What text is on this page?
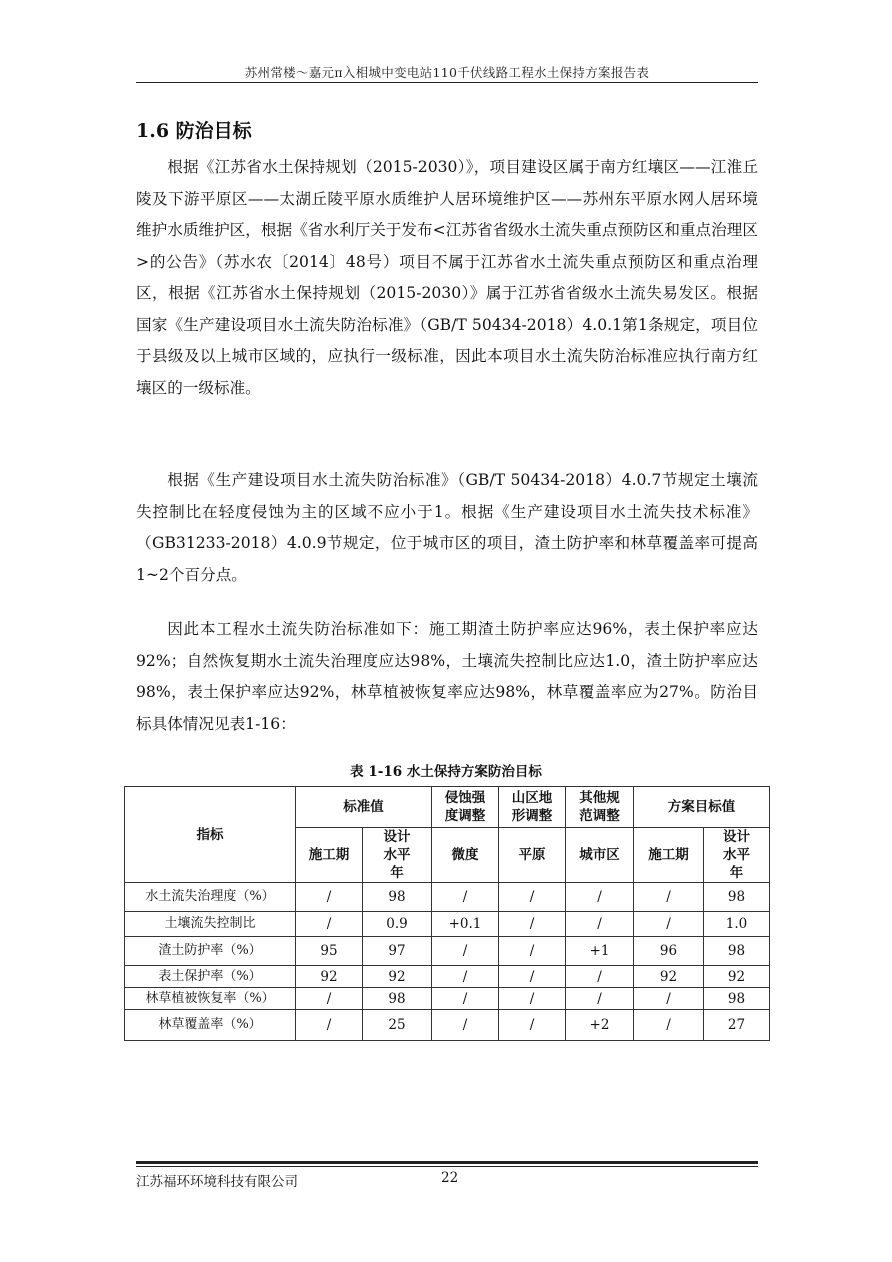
苏州常楼～嘉元π入相城中变电站110千伏线路工程水土保持方案报告表
1.6 防治目标

根据《江苏省水土保持规划（2015-2030）》，项目建设区属于南方红壤区——江淮丘陵及下游平原区——太湖丘陵平原水质维护人居环境维护区——苏州东平原水网人居环境维护水质维护区，根据《省水利厅关于发布<江苏省省级水土流失重点预防区和重点治理区>的公告》（苏水农〔2014〕48号）项目不属于江苏省水土流失重点预防区和重点治理区，根据《江苏省水土保持规划（2015-2030）》属于江苏省省级水土流失易发区。根据国家《生产建设项目水土流失防治标准》（GB/T 50434-2018）4.0.1第1条规定，项目位于县级及以上城市区域的，应执行一级标准，因此本项目水土流失防治标准应执行南方红壤区的一级标准。

根据《生产建设项目水土流失防治标准》（GB/T 50434-2018）4.0.7节规定土壤流失控制比在轻度侵蚀为主的区域不应小于1。根据《生产建设项目水土流失技术标准》（GB31233-2018）4.0.9节规定，位于城市区的项目，渣土防护率和林草覆盖率可提高1~2个百分点。

因此本工程水土流失防治标准如下：施工期渣土防护率应达96%，表土保护率应达92%；自然恢复期水土流失治理度应达98%，土壤流失控制比应达1.0，渣土防护率应达98%，表土保护率应达92%，林草植被恢复率应达98%，林草覆盖率应为27%。防治目标具体情况见表1-16：

表 1-16 水土保持方案防治目标
指标	标准值		侵蚀强度调整	山区地形调整	其他规范调整	方案目标值	
	施工期	设计水平年	微度	平原	城市区	施工期	设计水平年

水土流失治理度（%）	/	98	/	/	/	/	98
土壤流失控制比	/	0.9	+0.1	/	/	/	1.0
渣土防护率（%）	95	97	/	/	+1	96	98
表土保护率（%）	92	92	/	/	/	92	92
林草植被恢复率（%）	/	98	/	/	/	/	98
林草覆盖率（%）	/	25	/	/	+2	/	27
江苏福环环境科技有限公司	22
